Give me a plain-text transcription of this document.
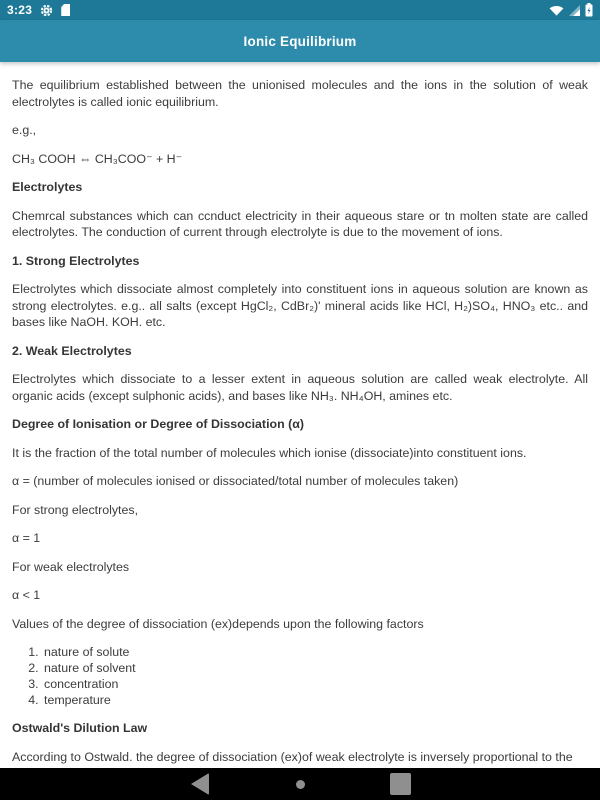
3:23
Ionic Equilibrium

The equilibrium established between the unionised molecules and the ions in the solution of weak electrolytes is called ionic equilibrium.

e.g.,

CH₃ COOH ⇔ CH₃COO⁻ + H⁻

Electrolytes

Chemrcal substances which can ccnduct electricity in their aqueous stare or tn molten state are called electrolytes. The conduction of current through electrolyte is due to the movement of ions.

1. Strong Electrolytes

Electrolytes which dissociate almost completely into constituent ions in aqueous solution are known as strong electrolytes. e.g.. all salts (except HgCl₂, CdBr₂)' mineral acids like HCl, H₂)SO₄, HNO₃ etc.. and bases like NaOH. KOH. etc.

2. Weak Electrolytes

Electrolytes which dissociate to a lesser extent in aqueous solution are called weak electrolyte. All organic acids (except sulphonic acids), and bases like NH₃. NH₄OH, amines etc.

Degree of Ionisation or Degree of Dissociation (α)

It is the fraction of the total number of molecules which ionise (dissociate)into constituent ions.

α = (number of molecules ionised or dissociated/total number of molecules taken)

For strong electrolytes,

α = 1

For weak electrolytes

α < 1

Values of the degree of dissociation (ex)depends upon the following factors

1. nature of solute
2. nature of solvent
3. concentration
4. temperature

Ostwald's Dilution Law

According to Ostwald. the degree of dissociation (ex)of weak electrolyte is inversely proportional to the
